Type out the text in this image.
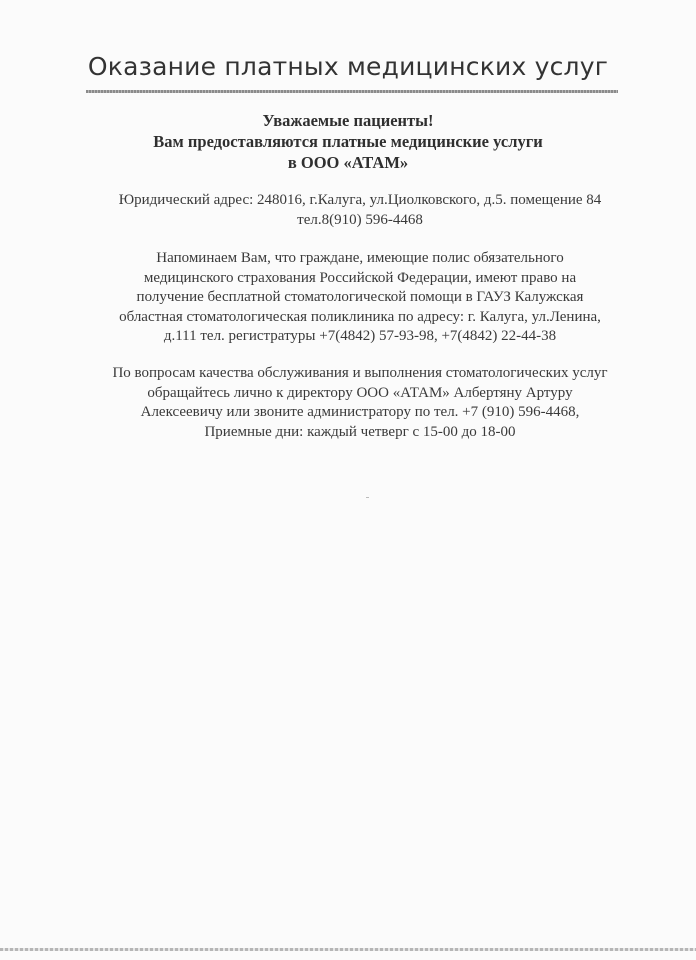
Оказание платных медицинских услуг
Уважаемые пациенты!
Вам предоставляются платные медицинские услуги
в ООО «АТАМ»
Юридический адрес: 248016, г.Калуга, ул.Циолковского, д.5. помещение 84
тел.8(910) 596-4468
Напоминаем Вам, что граждане, имеющие полис обязательного
медицинского страхования Российской Федерации, имеют право на
получение бесплатной стоматологической помощи в ГАУЗ Калужская
областная стоматологическая поликлиника по адресу: г. Калуга, ул.Ленина,
д.111 тел. регистратуры +7(4842) 57-93-98, +7(4842) 22-44-38
По вопросам качества обслуживания и выполнения стоматологических услуг
обращайтесь лично к директору ООО «АТАМ» Албертяну Артуру
Алексеевичу или звоните администратору по тел. +7 (910) 596-4468,
Приемные дни: каждый четверг с 15-00 до 18-00
